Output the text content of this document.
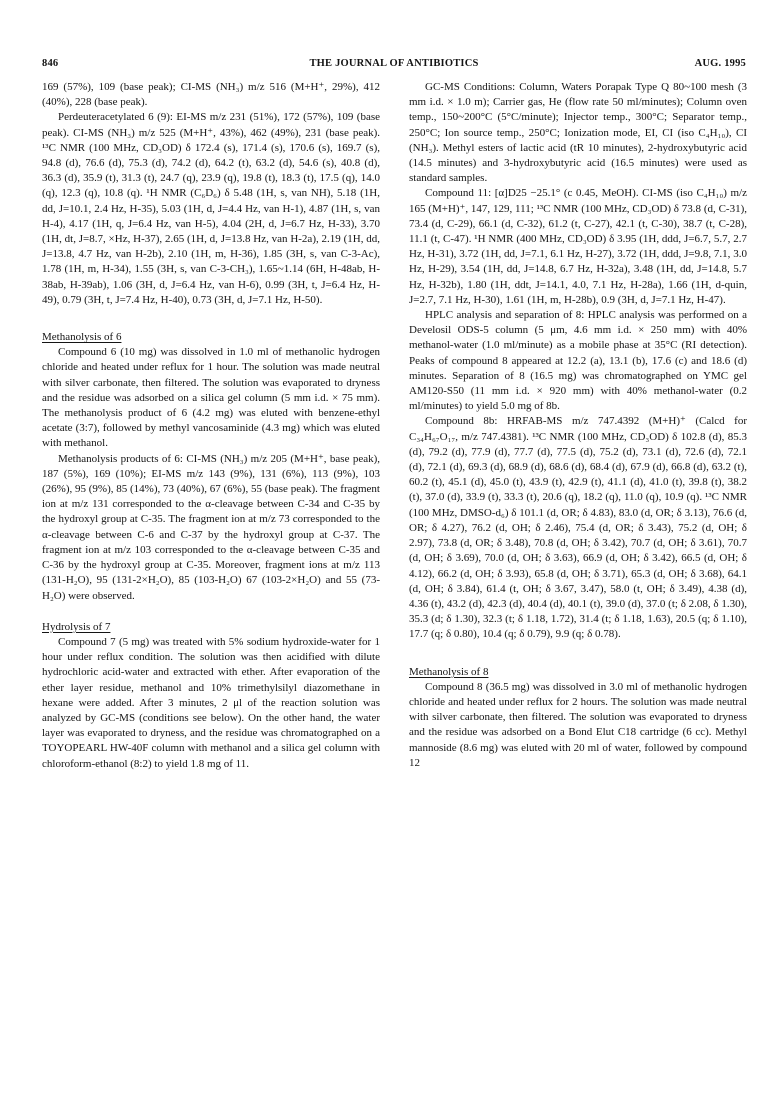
846	THE JOURNAL OF ANTIBIOTICS	AUG. 1995

169 (57%), 109 (base peak); CI-MS (NH₃) m/z 516 (M+H⁺, 29%), 412 (40%), 228 (base peak).

Perdeuteracetylated 6 (9): EI-MS m/z 231 (51%), 172 (57%), 109 (base peak). CI-MS (NH₃) m/z 525 (M+H⁺, 43%), 462 (49%), 231 (base peak). ¹³C NMR (100 MHz, CD₃OD) δ 172.4 (s), 171.4 (s), 170.6 (s), 169.7 (s), 94.8 (d), 76.6 (d), 75.3 (d), 74.2 (d), 64.2 (t), 63.2 (d), 54.6 (s), 40.8 (d), 36.3 (d), 35.9 (t), 31.3 (t), 24.7 (q), 23.9 (q), 19.8 (t), 18.3 (t), 17.5 (q), 14.0 (q), 12.3 (q), 10.8 (q). ¹H NMR (C₆D₆) δ 5.48 (1H, s, van NH), 5.18 (1H, dd, J=10.1, 2.4 Hz, H-35), 5.03 (1H, d, J=4.4 Hz, van H-1), 4.87 (1H, s, van H-4), 4.17 (1H, q, J=6.4 Hz, van H-5), 4.04 (2H, d, J=6.7 Hz, H-33), 3.70 (1H, dt, J=8.7, ×Hz, H-37), 2.65 (1H, d, J=13.8 Hz, van H-2a), 2.19 (1H, dd, J=13.8, 4.7 Hz, van H-2b), 2.10 (1H, m, H-36), 1.85 (3H, s, van C-3-Ac), 1.78 (1H, m, H-34), 1.55 (3H, s, van C-3-CH₃), 1.65~1.14 (6H, H-48ab, H-38ab, H-39ab), 1.06 (3H, d, J=6.4 Hz, van H-6), 0.99 (3H, t, J=6.4 Hz, H-49), 0.79 (3H, t, J=7.4 Hz, H-40), 0.73 (3H, d, J=7.1 Hz, H-50).

Methanolysis of 6

Compound 6 (10 mg) was dissolved in 1.0 ml of methanolic hydrogen chloride and heated under reflux for 1 hour. The solution was made neutral with silver carbonate, then filtered. The solution was evaporated to dryness and the residue was adsorbed on a silica gel column (5 mm i.d. × 75 mm). The methanolysis product of 6 (4.2 mg) was eluted with benzene-ethyl acetate (3:7), followed by methyl vancosaminide (4.3 mg) which was eluted with methanol.

Methanolysis products of 6: CI-MS (NH₃) m/z 205 (M+H⁺, base peak), 187 (5%), 169 (10%); EI-MS m/z 143 (9%), 131 (6%), 113 (9%), 103 (26%), 95 (9%), 85 (14%), 73 (40%), 67 (6%), 55 (base peak). The fragment ion at m/z 131 corresponded to the α-cleavage between C-34 and C-35 by the hydroxyl group at C-35. The fragment ion at m/z 73 corresponded to the α-cleavage between C-6 and C-37 by the hydroxyl group at C-37. The fragment ion at m/z 103 corresponded to the α-cleavage between C-35 and C-36 by the hydroxyl group at C-35. Moreover, fragment ions at m/z 113 (131-H₂O), 95 (131-2×H₂O), 85 (103-H₂O) 67 (103-2×H₂O) and 55 (73-H₂O) were observed.

Hydrolysis of 7

Compound 7 (5 mg) was treated with 5% sodium hydroxide-water for 1 hour under reflux condition. The solution was then acidified with dilute hydrochloric acid-water and extracted with ether. After evaporation of the ether layer residue, methanol and 10% trimethylsilyl diazomethane in hexane were added. After 3 minutes, 2 μl of the reaction solution was analyzed by GC-MS (conditions see below). On the other hand, the water layer was evaporated to dryness, and the residue was chromatographed on a TOYOPEARL HW-40F column with methanol and a silica gel column with chloroform-ethanol (8:2) to yield 1.8 mg of 11.

GC-MS Conditions: Column, Waters Porapak Type Q 80~100 mesh (3 mm i.d. × 1.0 m); Carrier gas, He (flow rate 50 ml/minutes); Column oven temp., 150~200°C (5°C/minute); Injector temp., 300°C; Separator temp., 250°C; Ion source temp., 250°C; Ionization mode, EI, CI (iso C₄H₁₀), CI (NH₃). Methyl esters of lactic acid (tR 10 minutes), 2-hydroxybutyric acid (14.5 minutes) and 3-hydroxybutyric acid (16.5 minutes) were used as standard samples.

Compound 11: [α]D25 −25.1° (c 0.45, MeOH). CI-MS (iso C₄H₁₀) m/z 165 (M+H)⁺, 147, 129, 111; ¹³C NMR (100 MHz, CD₃OD) δ 73.8 (d, C-31), 73.4 (d, C-29), 66.1 (d, C-32), 61.2 (t, C-27), 42.1 (t, C-30), 38.7 (t, C-28), 11.1 (t, C-47). ¹H NMR (400 MHz, CD₃OD) δ 3.95 (1H, ddd, J=6.7, 5.7, 2.7 Hz, H-31), 3.72 (1H, dd, J=7.1, 6.1 Hz, H-27), 3.72 (1H, ddd, J=9.8, 7.1, 3.0 Hz, H-29), 3.54 (1H, dd, J=14.8, 6.7 Hz, H-32a), 3.48 (1H, dd, J=14.8, 5.7 Hz, H-32b), 1.80 (1H, ddt, J=14.1, 4.0, 7.1 Hz, H-28a), 1.66 (1H, d-quin, J=2.7, 7.1 Hz, H-30), 1.61 (1H, m, H-28b), 0.9 (3H, d, J=7.1 Hz, H-47).

HPLC analysis and separation of 8: HPLC analysis was performed on a Develosil ODS-5 column (5 μm, 4.6 mm i.d. × 250 mm) with 40% methanol-water (1.0 ml/minute) as a mobile phase at 35°C (RI detection). Peaks of compound 8 appeared at 12.2 (a), 13.1 (b), 17.6 (c) and 18.6 (d) minutes. Separation of 8 (16.5 mg) was chromatographed on YMC gel AM120-S50 (11 mm i.d. × 920 mm) with 40% methanol-water (0.2 ml/minutes) to yield 5.0 mg of 8b.

Compound 8b: HRFAB-MS m/z 747.4392 (M+H)⁺ (Calcd for C₃₄H₆₇O₁₇, m/z 747.4381). ¹³C NMR (100 MHz, CD₃OD) δ 102.8 (d), 85.3 (d), 79.2 (d), 77.9 (d), 77.7 (d), 77.5 (d), 75.2 (d), 73.1 (d), 72.6 (d), 72.1 (d), 72.1 (d), 69.3 (d), 68.9 (d), 68.6 (d), 68.4 (d), 67.9 (d), 66.8 (d), 63.2 (t), 60.2 (t), 45.1 (d), 45.0 (t), 43.9 (t), 42.9 (t), 41.1 (d), 41.0 (t), 39.8 (t), 38.2 (t), 37.0 (d), 33.9 (t), 33.3 (t), 20.6 (q), 18.2 (q), 11.0 (q), 10.9 (q). ¹³C NMR (100 MHz, DMSO-d₆) δ 101.1 (d, OR; δ 4.83), 83.0 (d, OR; δ 3.13), 76.6 (d, OR; δ 4.27), 76.2 (d, OH; δ 2.46), 75.4 (d, OR; δ 3.43), 75.2 (d, OH; δ 2.97), 73.8 (d, OR; δ 3.48), 70.8 (d, OH; δ 3.42), 70.7 (d, OH; δ 3.61), 70.7 (d, OH; δ 3.69), 70.0 (d, OH; δ 3.63), 66.9 (d, OH; δ 3.42), 66.5 (d, OH; δ 4.12), 66.2 (d, OH; δ 3.93), 65.8 (d, OH; δ 3.71), 65.3 (d, OH; δ 3.68), 64.1 (d, OH; δ 3.84), 61.4 (t, OH; δ 3.67, 3.47), 58.0 (t, OH; δ 3.49), 4.38 (d), 4.36 (t), 43.2 (d), 42.3 (d), 40.4 (d), 40.1 (t), 39.0 (d), 37.0 (t; δ 2.08, δ 1.30), 35.3 (d; δ 1.30), 32.3 (t; δ 1.18, 1.72), 31.4 (t; δ 1.18, 1.63), 20.5 (q; δ 1.10), 17.7 (q; δ 0.80), 10.4 (q; δ 0.79), 9.9 (q; δ 0.78).

Methanolysis of 8

Compound 8 (36.5 mg) was dissolved in 3.0 ml of methanolic hydrogen chloride and heated under reflux for 2 hours. The solution was made neutral with silver carbonate, then filtered. The solution was evaporated to dryness and the residue was adsorbed on a Bond Elut C18 cartridge (6 cc). Methyl mannoside (8.6 mg) was eluted with 20 ml of water, followed by compound 12
